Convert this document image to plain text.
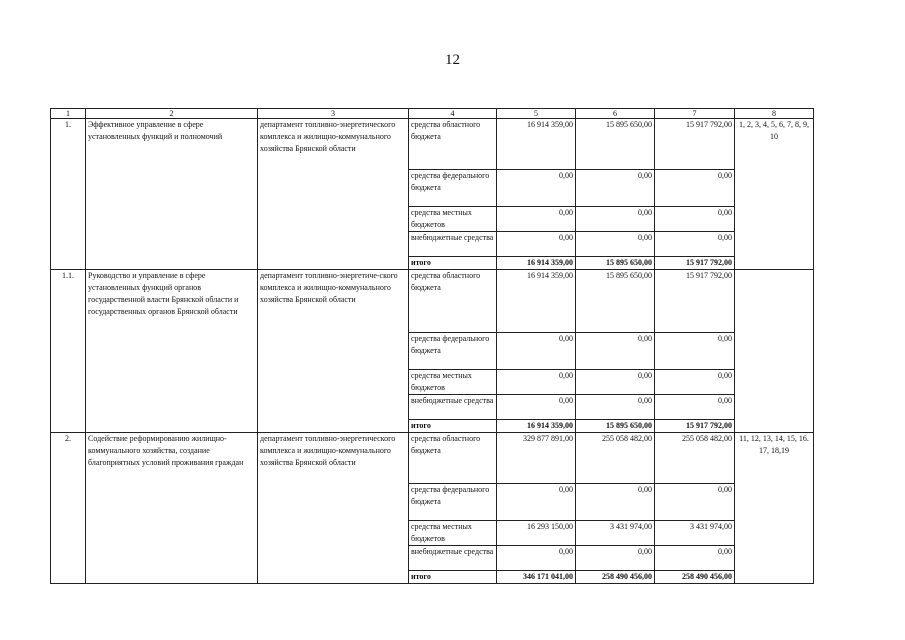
12
1	2	3	4	5	6	7	8
1.	Эффективное управление в сфере установленных функций и полномочий	департамент топливно-энергетического комплекса и жилищно-коммунального хозяйства Брянской области	средства областного бюджета	16 914 359,00	15 895 650,00	15 917 792,00	1, 2, 3, 4, 5, 6, 7, 8, 9, 10
			средства федерального бюджета	0,00	0,00	0,00	
			средства местных бюджетов	0,00	0,00	0,00	
			внебюджетные средства	0,00	0,00	0,00	
			итого	16 914 359,00	15 895 650,00	15 917 792,00	
1.1.	Руководство и управление в сфере установленных функций органов государственной власти Брянской области и государственных органов Брянской области	департамент топливно-энергетиче-ского комплекса и жилищно-коммунального хозяйства Брянской области	средства областного бюджета	16 914 359,00	15 895 650,00	15 917 792,00	
			средства федерального бюджета	0,00	0,00	0,00	
			средства местных бюджетов	0,00	0,00	0,00	
			внебюджетные средства	0,00	0,00	0,00	
			итого	16 914 359,00	15 895 650,00	15 917 792,00	
2.	Содействие реформированию жилищно-коммунального хозяйства, создание благоприятных условий проживания граждан	департамент топливно-энергетического комплекса и жилищно-коммунального хозяйства Брянской области	средства областного бюджета	329 877 891,00	255 058 482,00	255 058 482,00	11, 12, 13, 14, 15, 16. 17, 18,19
			средства федерального бюджета	0,00	0,00	0,00	
			средства местных бюджетов	16 293 150,00	3 431 974,00	3 431 974,00	
			внебюджетные средства	0,00	0,00	0,00	
			итого	346 171 041,00	258 490 456,00	258 490 456,00	
